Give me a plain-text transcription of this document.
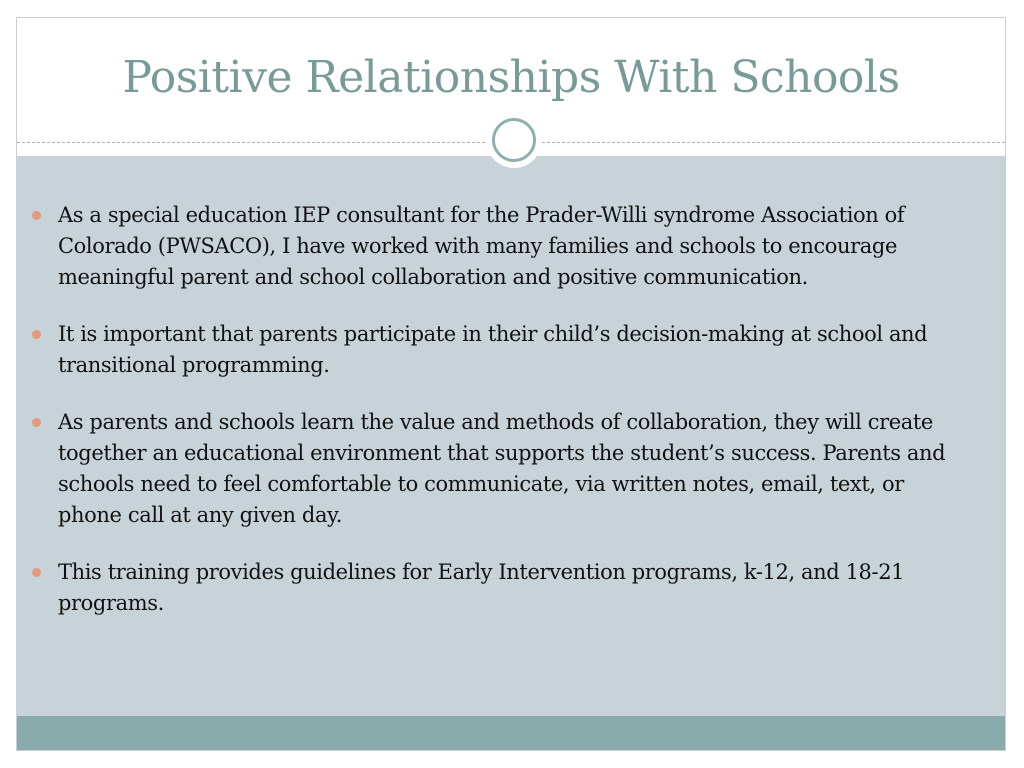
Positive Relationships With Schools
As a special education IEP consultant for the Prader-Willi syndrome Association of Colorado (PWSACO), I have worked with many families and schools to encourage meaningful parent and school collaboration and positive communication.
It is important that parents participate in their child’s decision-making at school and transitional programming.
As parents and schools learn the value and methods of collaboration, they will create together an educational environment that supports the student’s success. Parents and schools need to feel comfortable to communicate, via written notes, email, text, or phone call at any given day.
This training provides guidelines for Early Intervention programs, k-12, and 18-21 programs.
